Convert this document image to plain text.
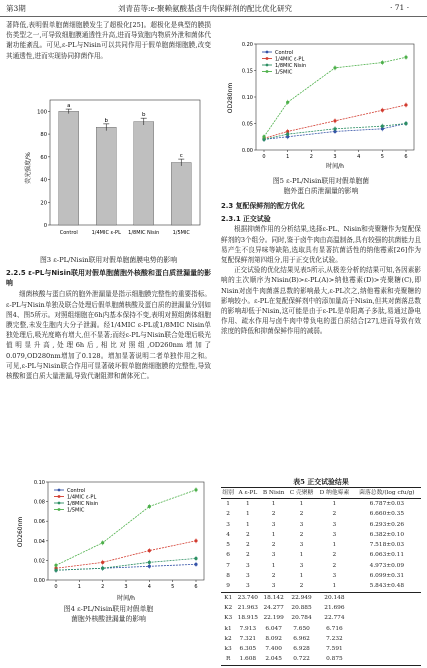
第3期	刘青苗等:ε-聚赖氨酸基卤牛肉保鲜剂的配比优化研究	· 71 ·

著降低,表明假单胞菌细胞膜发生了超极化[25]。超极化是典型的膜损伤类型之一,可导致细胞膜通透性升高,进而导致胞内物质外泄和菌体代谢功能紊乱。可见,ε-PL与Nisin可以共同作用于假单胞菌细胞膜,改变其通透性,进而实现协同抑菌作用。

0
20
40
60
80
100
a
Control
b
1/4MIC ε-PL
b
1/8MIC Nisin
c
1/5MIC
荧光强度/%

图3 ε-PL/Nisin联用对假单胞菌膜电势的影响

2.2.5 ε-PL与Nisin联用对假单胞菌胞外核酸和蛋白质泄漏量的影响

细菌核酸与蛋白质的胞外泄漏量是指示细胞膜完整性的重要指标。ε-PL与Nisin单独及联合处理后假单胞菌核酸及蛋白质的泄漏量分别如图4、图5所示。对照组细胞在6h内基本保持不变,表明对照组菌体细胞膜完整,未发生胞内大分子泄漏。经1/4MIC ε-PL或1/8MIC Nisin单独处理后,吸光度略有增大,但不显著;而经ε-PL与Nisin联合处理后吸光值明显升高,处理6h后,相比对照组,OD260nm增加了0.079,OD280nm增加了0.128。增加显著说明二者单独作用之和。可见,ε-PL与Nisin联合作用可显著破坏假单胞菌细胞膜的完整性,导致核酸和蛋白质大量泄漏,导致代谢阻滞和菌体死亡。

0.00
0.02
0.04
0.06
0.08
0.10
0	1	2	3	4	5	6
Control
1/4MIC ε-PL
1/8MIC Nisin
1/5MIC
OD260nm
时间/h

图4 ε-PL/Nisin联用对假单胞

菌胞外核酸泄漏量的影响

0.00
0.05
0.10
0.15
0.20
0	1	2	3	4	5	6
Control
1/4MIC ε-PL
1/8MIC Nisin
1/5MIC
OD280nm
时间/h

图5 ε-PL/Nisin联用对假单胞菌

胞外蛋白质泄漏量的影响

2.3 复配保鲜剂的配方优化

2.3.1 正交试验

根据抑菌作用的分析结果,选择ε-PL、Nisin和壳聚糖作为复配保鲜剂的3个组分。同时,鉴于卤牛肉由高温制备,具有较强的抗菌能力且易产生不良异味等缺陷,选取具有显著抗菌活性的纳他霉素[26]作为复配保鲜剂第四组分,用于正交优化试验。

正交试验的优化结果见表5所示,从极差分析的结果可知,各因素影响的主次顺序为Nisin(B)>ε-PL(A)>纳他霉素(D)>壳聚糖(C),即Nisin对卤牛肉菌落总数的影响最大,ε-PL次之,纳他霉素和壳聚糖的影响较小。ε-PL在复配保鲜剂中的添加量高于Nisin,但其对菌落总数的影响却低于Nisin,这可能是由于ε-PL是单阳离子多肽,易通过静电作用、疏水作用与卤牛肉中带负电的蛋白质结合[27],进而导致有效浓度的降低和抑菌保鲜作用的减弱。

表5 正交试验结果
组别	A ε-PL	B Nisin	C 壳聚糖	D 纳他霉素	菌落总数/(log cfu/g)
1	1	1	1	1	6.787±0.03
2	1	2	2	2	6.660±0.35
3	1	3	3	3	6.293±0.26
4	2	1	2	3	6.382±0.10
5	2	2	3	1	7.518±0.03
6	2	3	1	2	6.063±0.11
7	3	1	3	2	4.973±0.09
8	3	2	1	3	6.099±0.31
9	3	3	2	1	5.843±0.48
K1	23.740	18.142	22.949	20.148	
K2	21.963	24.277	20.885	21.696	
K3	18.915	22.199	20.784	22.774	
k1	7.913	6.047	7.650	6.716	
k2	7.321	8.092	6.962	7.232	
k3	6.305	7.400	6.928	7.591	
R	1.608	2.045	0.722	0.875	
